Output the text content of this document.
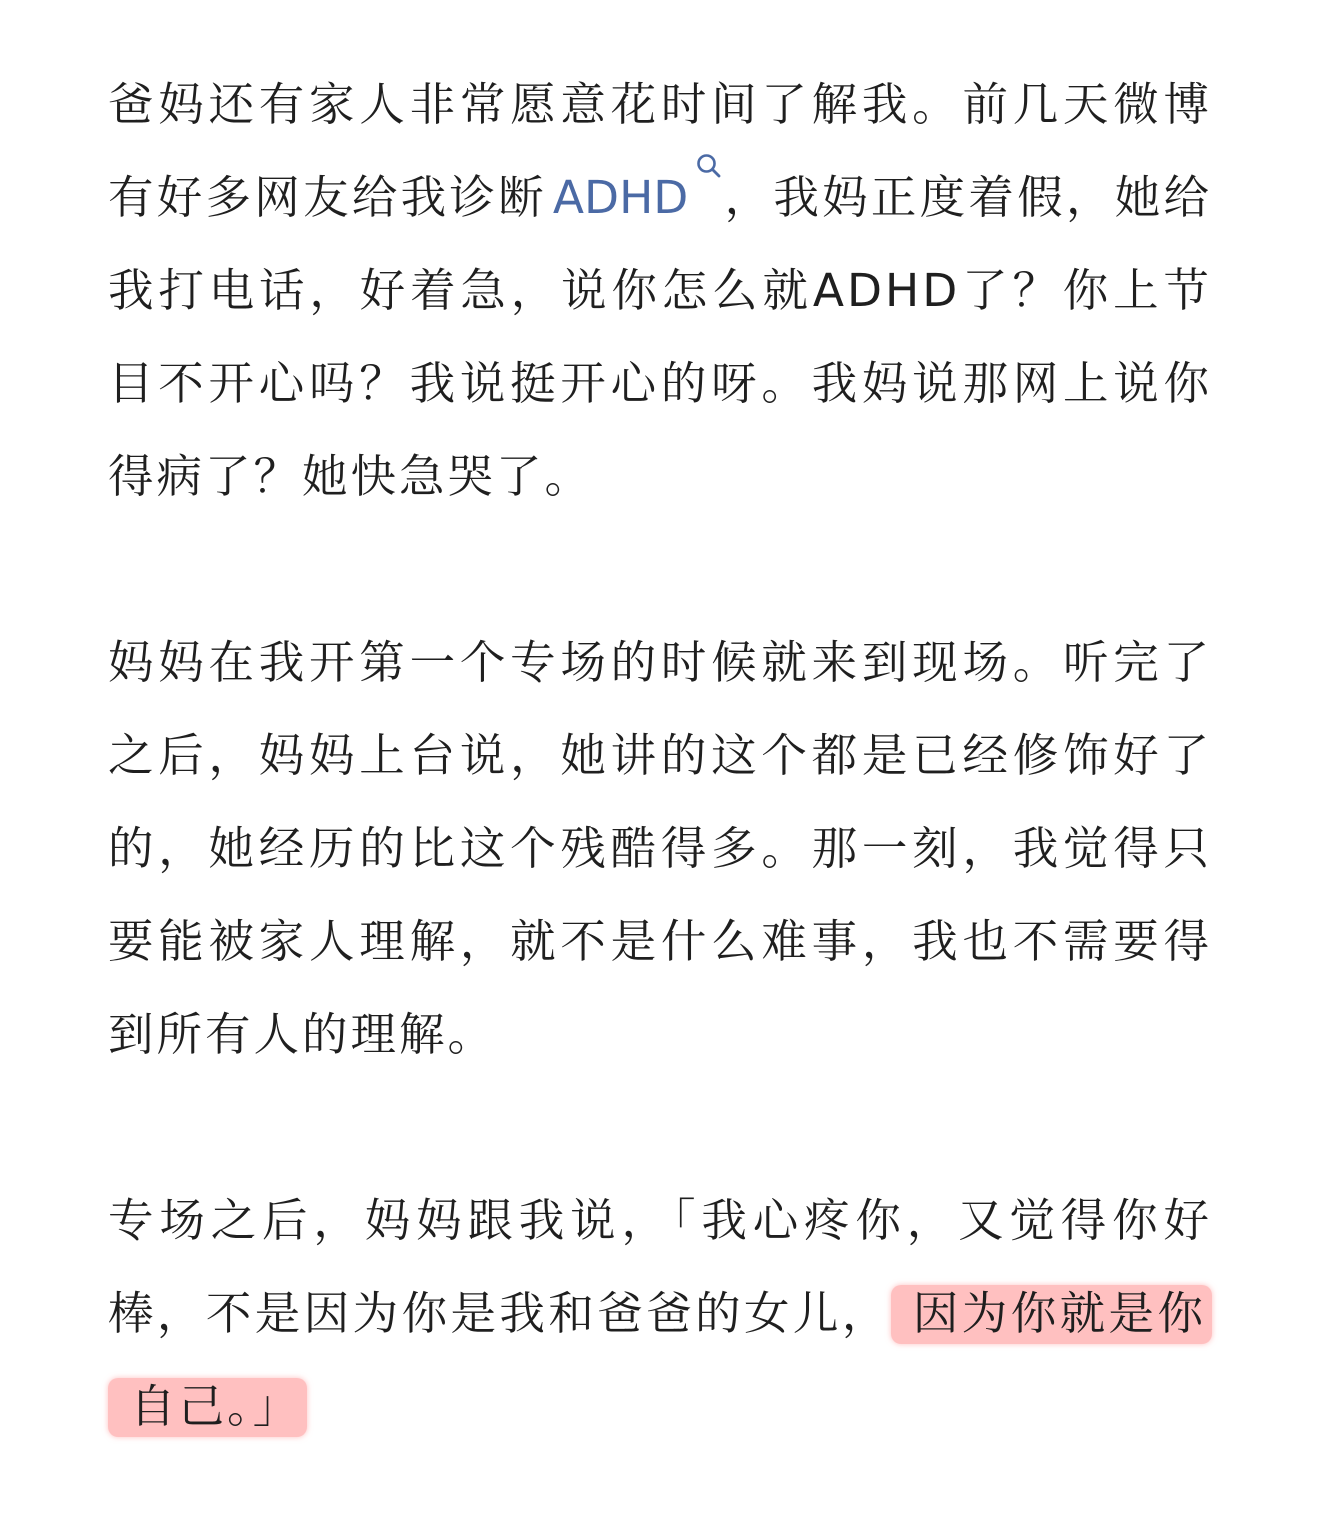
爸妈还有家人非常愿意花时间了解我。前几天微博有好多网友给我诊断 ADHD ，我妈正度着假，她给我打电话，好着急，说你怎么就ADHD了？你上节目不开心吗？我说挺开心的呀。我妈说那网上说你得病了？她快急哭了。

妈妈在我开第一个专场的时候就来到现场。听完了之后，妈妈上台说，她讲的这个都是已经修饰好了的，她经历的比这个残酷得多。那一刻，我觉得只要能被家人理解，就不是什么难事，我也不需要得到所有人的理解。

专场之后，妈妈跟我说，「我心疼你，又觉得你好棒，不是因为你是我和爸爸的女儿， 因为你就是你自己。」
